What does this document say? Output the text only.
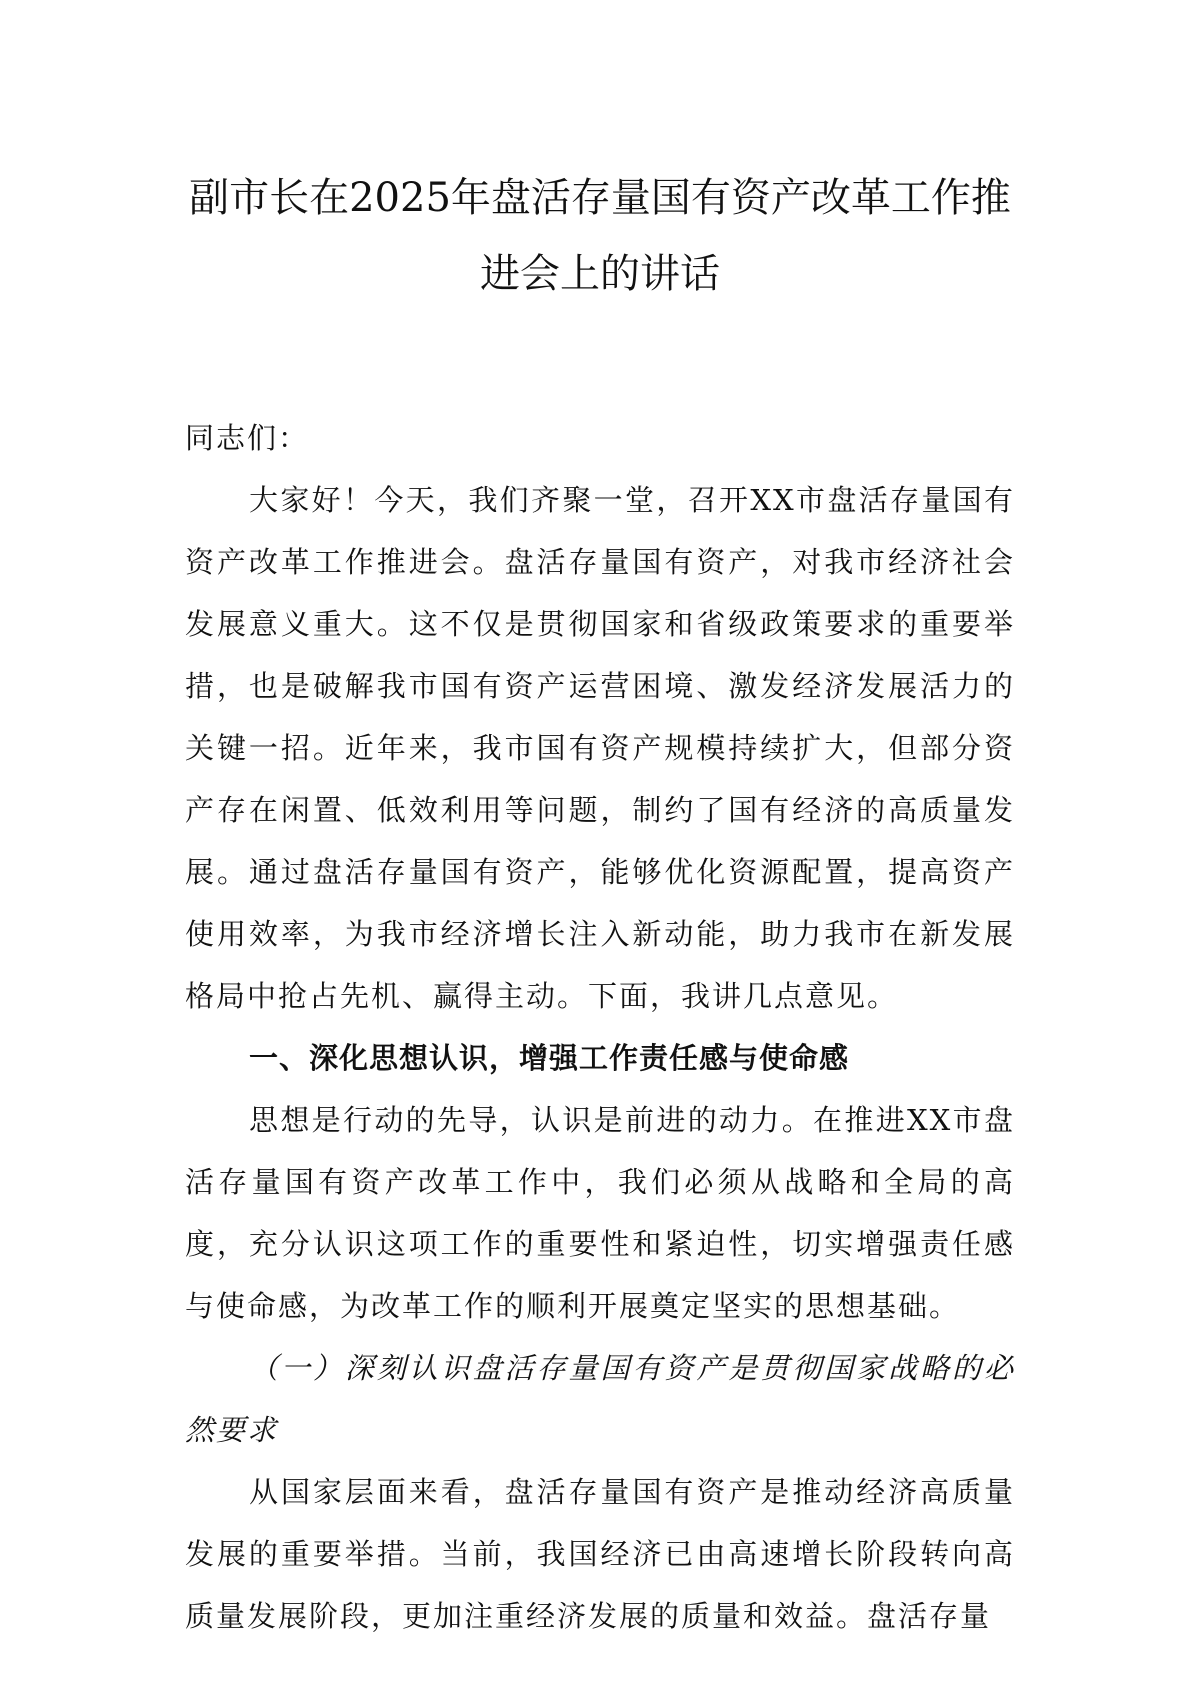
副市长在2025年盘活存量国有资产改革工作推进会上的讲话

同志们：

大家好！今天，我们齐聚一堂，召开XX市盘活存量国有资产改革工作推进会。盘活存量国有资产，对我市经济社会发展意义重大。这不仅是贯彻国家和省级政策要求的重要举措，也是破解我市国有资产运营困境、激发经济发展活力的关键一招。近年来，我市国有资产规模持续扩大，但部分资产存在闲置、低效利用等问题，制约了国有经济的高质量发展。通过盘活存量国有资产，能够优化资源配置，提高资产使用效率，为我市经济增长注入新动能，助力我市在新发展格局中抢占先机、赢得主动。下面，我讲几点意见。

一、深化思想认识，增强工作责任感与使命感

思想是行动的先导，认识是前进的动力。在推进XX市盘活存量国有资产改革工作中，我们必须从战略和全局的高度，充分认识这项工作的重要性和紧迫性，切实增强责任感与使命感，为改革工作的顺利开展奠定坚实的思想基础。

（一）深刻认识盘活存量国有资产是贯彻国家战略的必然要求

从国家层面来看，盘活存量国有资产是推动经济高质量发展的重要举措。当前，我国经济已由高速增长阶段转向高质量发展阶段，更加注重经济发展的质量和效益。盘活存量
